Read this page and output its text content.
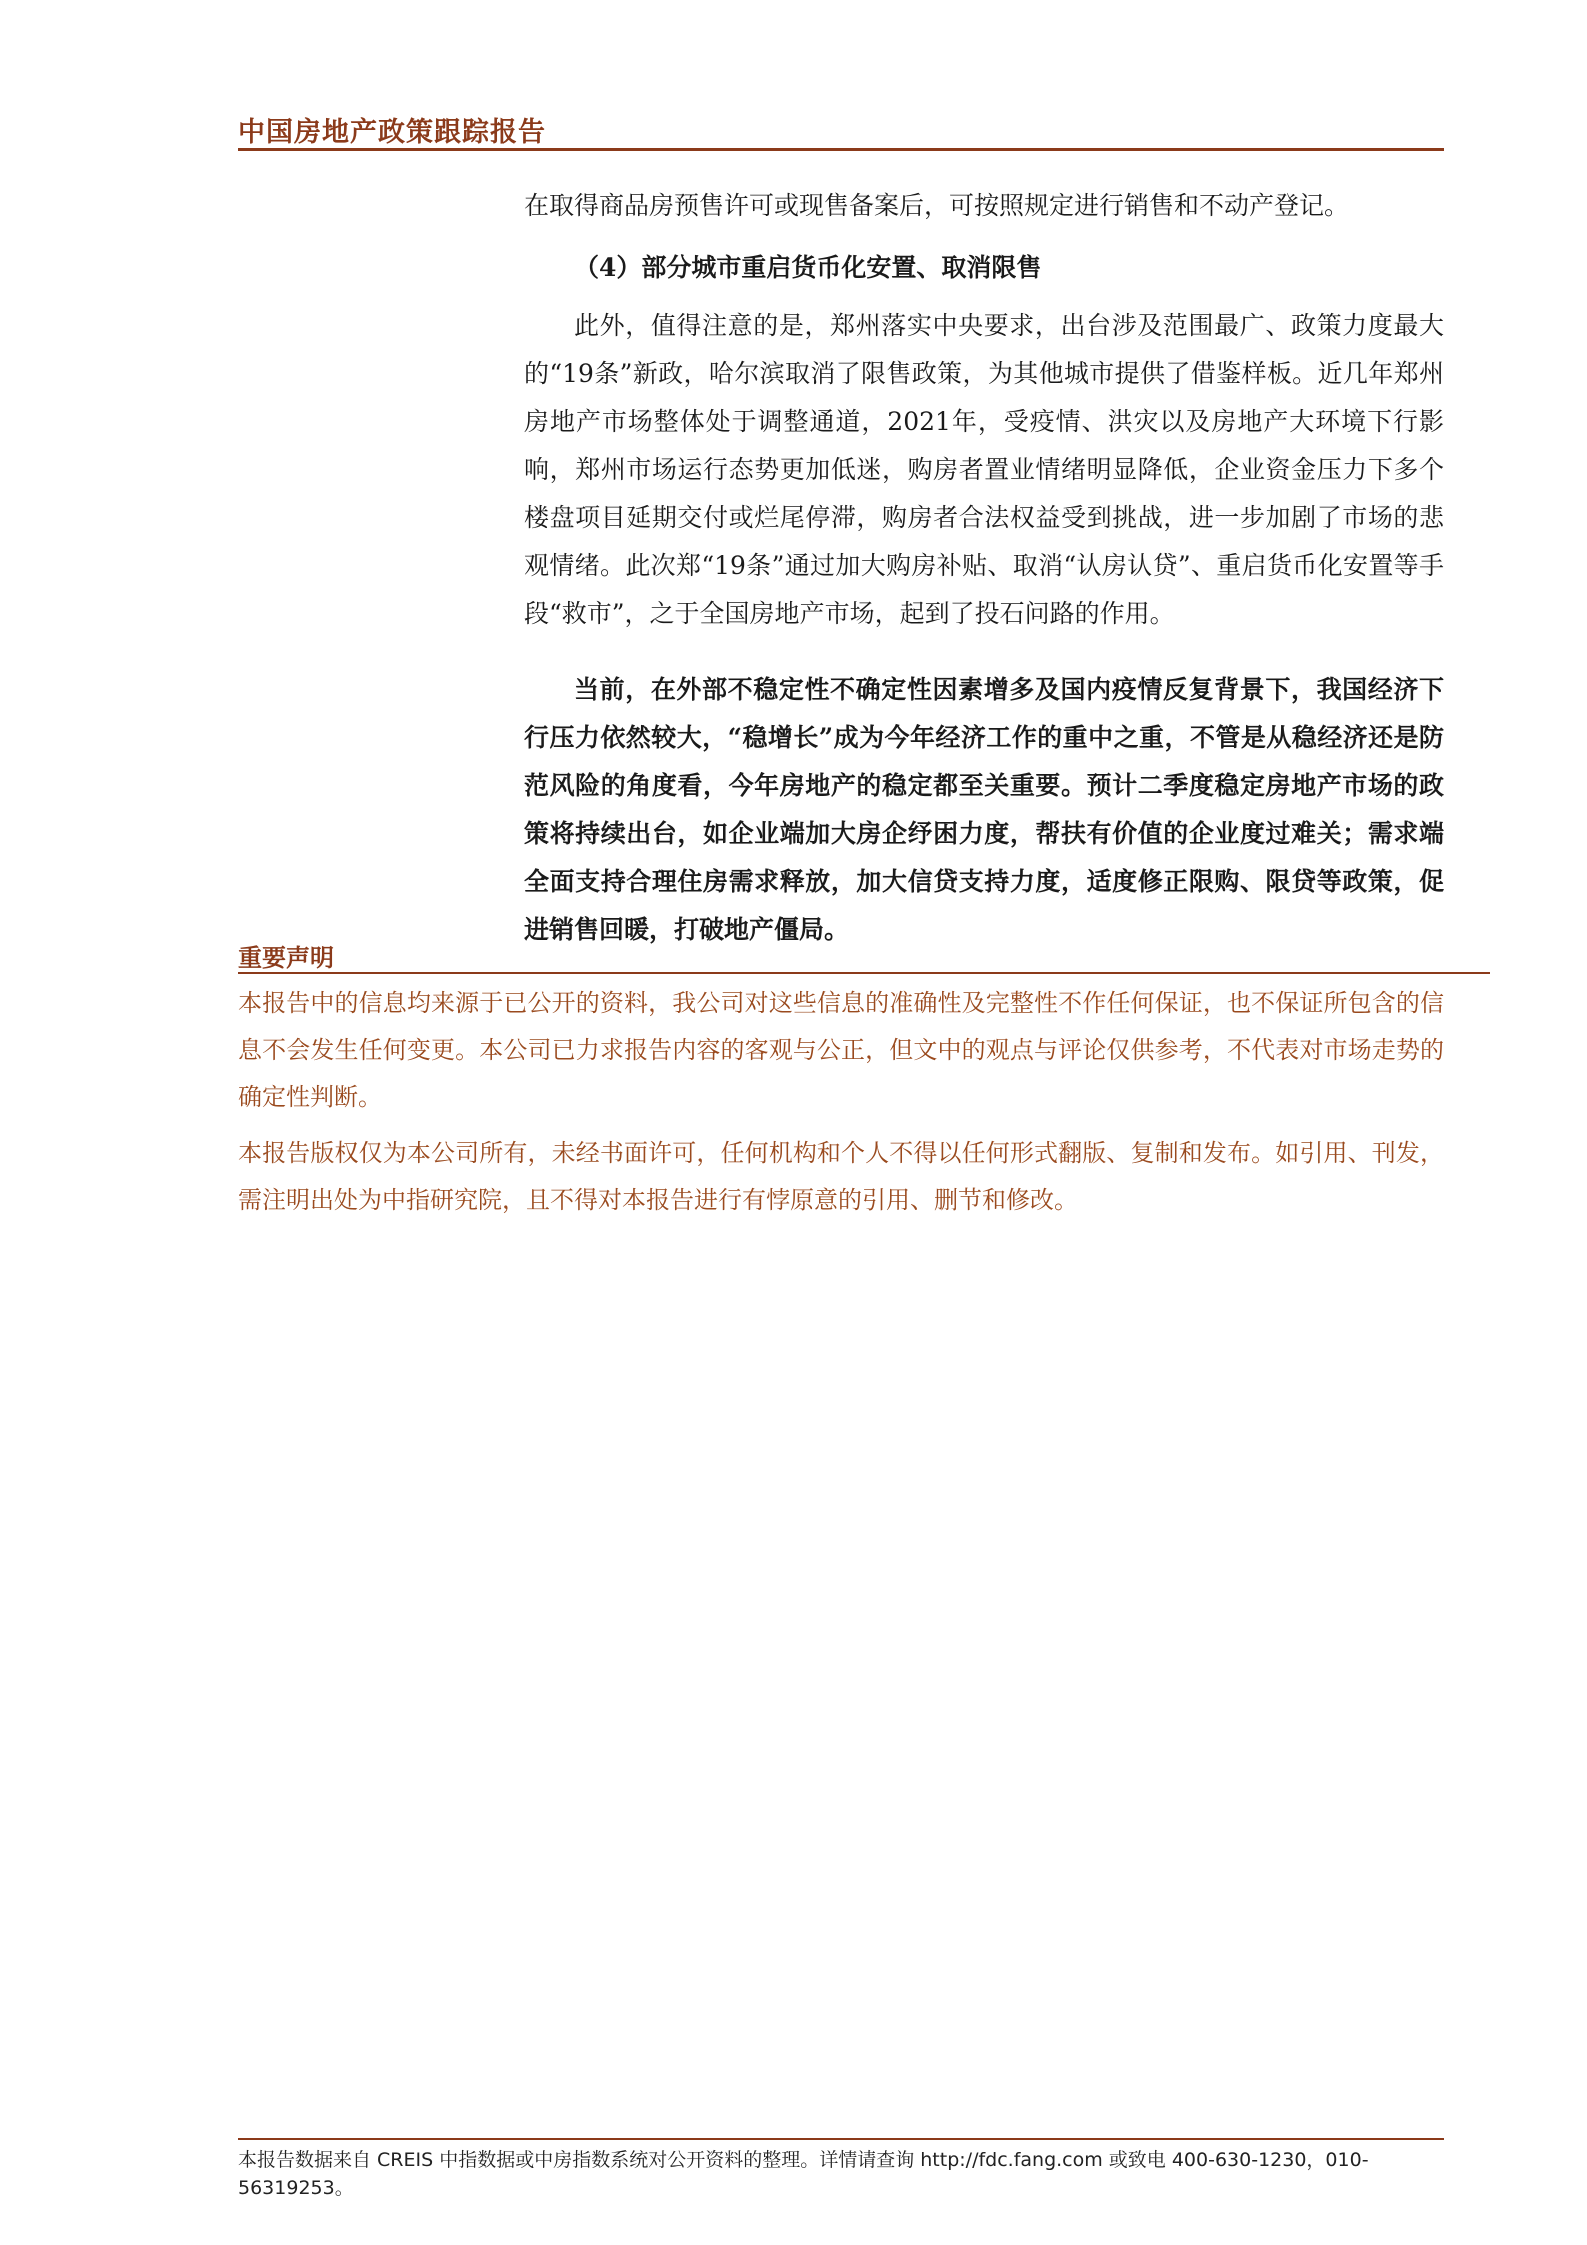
中国房地产政策跟踪报告
在取得商品房预售许可或现售备案后，可按照规定进行销售和不动产登记。
（4）部分城市重启货币化安置、取消限售
此外，值得注意的是，郑州落实中央要求，出台涉及范围最广、政策力度最大的“19条”新政，哈尔滨取消了限售政策，为其他城市提供了借鉴样板。近几年郑州房地产市场整体处于调整通道，2021年，受疫情、洪灾以及房地产大环境下行影响，郑州市场运行态势更加低迷，购房者置业情绪明显降低，企业资金压力下多个楼盘项目延期交付或烂尾停滞，购房者合法权益受到挑战，进一步加剧了市场的悲观情绪。此次郑“19条”通过加大购房补贴、取消“认房认贷”、重启货币化安置等手段“救市”，之于全国房地产市场，起到了投石问路的作用。
当前，在外部不稳定性不确定性因素增多及国内疫情反复背景下，我国经济下行压力依然较大，“稳增长”成为今年经济工作的重中之重，不管是从稳经济还是防范风险的角度看，今年房地产的稳定都至关重要。预计二季度稳定房地产市场的政策将持续出台，如企业端加大房企纾困力度，帮扶有价值的企业度过难关；需求端全面支持合理住房需求释放，加大信贷支持力度，适度修正限购、限贷等政策，促进销售回暖，打破地产僵局。
重要声明
本报告中的信息均来源于已公开的资料，我公司对这些信息的准确性及完整性不作任何保证，也不保证所包含的信息不会发生任何变更。本公司已力求报告内容的客观与公正，但文中的观点与评论仅供参考，不代表对市场走势的确定性判断。
本报告版权仅为本公司所有，未经书面许可，任何机构和个人不得以任何形式翻版、复制和发布。如引用、刊发，需注明出处为中指研究院，且不得对本报告进行有悖原意的引用、删节和修改。
本报告数据来自 CREIS 中指数据或中房指数系统对公开资料的整理。详情请查询 http://fdc.fang.com 或致电 400-630-1230，010-56319253。
